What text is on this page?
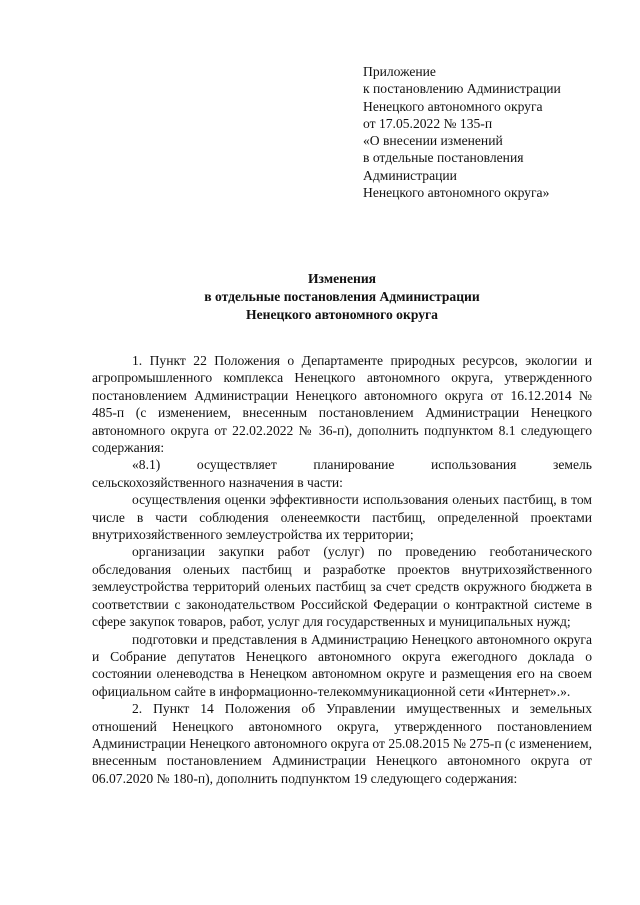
Приложение
к постановлению Администрации
Ненецкого автономного округа
от 17.05.2022 № 135-п
«О внесении изменений
в отдельные постановления
Администрации
Ненецкого автономного округа»
Изменения
в отдельные постановления Администрации
Ненецкого автономного округа

1. Пункт 22 Положения о Департаменте природных ресурсов, экологии и агропромышленного комплекса Ненецкого автономного округа, утвержденного постановлением Администрации Ненецкого автономного округа от 16.12.2014 № 485-п (с изменением, внесенным постановлением Администрации Ненецкого автономного округа от 22.02.2022 № 36-п), дополнить подпунктом 8.1 следующего содержания:

«8.1) осуществляет планирование использования земель сельскохозяйственного назначения в части:

осуществления оценки эффективности использования оленьих пастбищ, в том числе в части соблюдения оленеемкости пастбищ, определенной проектами внутрихозяйственного землеустройства их территории;

организации закупки работ (услуг) по проведению геоботанического обследования оленьих пастбищ и разработке проектов внутрихозяйственного землеустройства территорий оленьих пастбищ за счет средств окружного бюджета в соответствии с законодательством Российской Федерации о контрактной системе в сфере закупок товаров, работ, услуг для государственных и муниципальных нужд;

подготовки и представления в Администрацию Ненецкого автономного округа и Собрание депутатов Ненецкого автономного округа ежегодного доклада о состоянии оленеводства в Ненецком автономном округе и размещения его на своем официальном сайте в информационно-телекоммуникационной сети «Интернет».».

2. Пункт 14 Положения об Управлении имущественных и земельных отношений Ненецкого автономного округа, утвержденного постановлением Администрации Ненецкого автономного округа от 25.08.2015 № 275-п (с изменением, внесенным постановлением Администрации Ненецкого автономного округа от 06.07.2020 № 180-п), дополнить подпунктом 19 следующего содержания:
